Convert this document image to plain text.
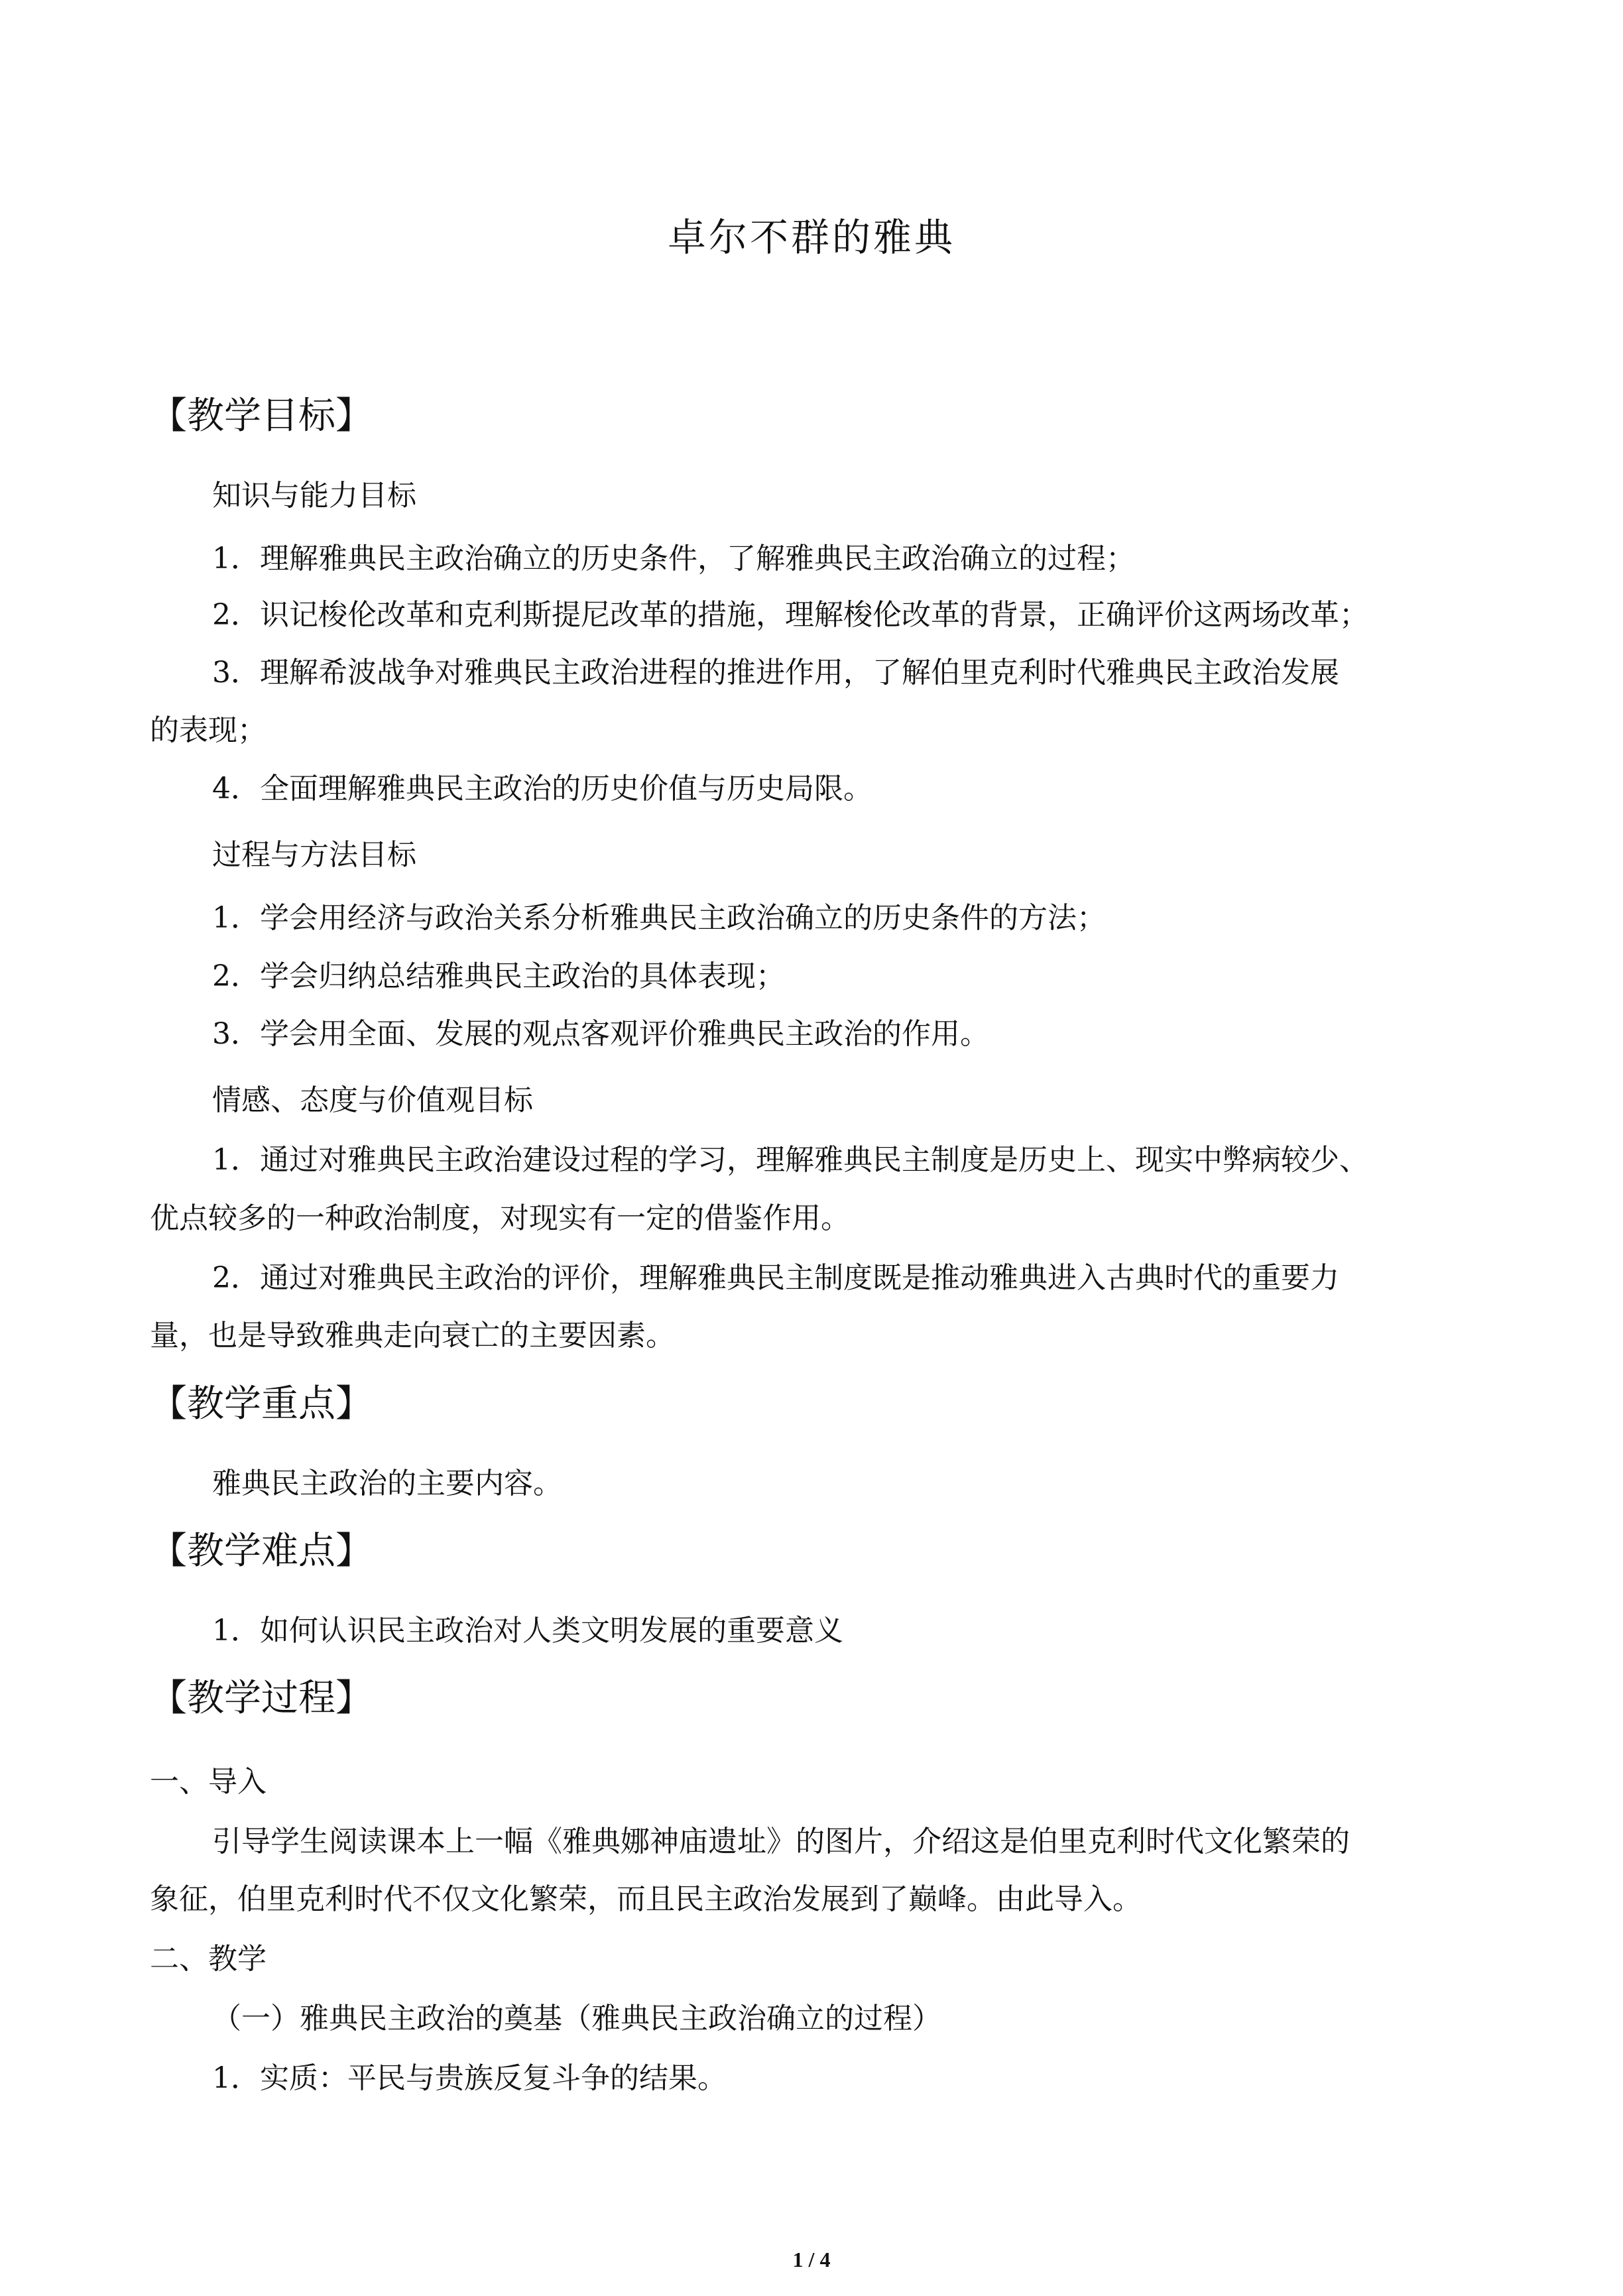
卓尔不群的雅典
【教学目标】
知识与能力目标
1．理解雅典民主政治确立的历史条件，了解雅典民主政治确立的过程；
2．识记梭伦改革和克利斯提尼改革的措施，理解梭伦改革的背景，正确评价这两场改革；
3．理解希波战争对雅典民主政治进程的推进作用，了解伯里克利时代雅典民主政治发展
的表现；
4．全面理解雅典民主政治的历史价值与历史局限。
过程与方法目标
1．学会用经济与政治关系分析雅典民主政治确立的历史条件的方法；
2．学会归纳总结雅典民主政治的具体表现；
3．学会用全面、发展的观点客观评价雅典民主政治的作用。
情感、态度与价值观目标
1．通过对雅典民主政治建设过程的学习，理解雅典民主制度是历史上、现实中弊病较少、
优点较多的一种政治制度，对现实有一定的借鉴作用。
2．通过对雅典民主政治的评价，理解雅典民主制度既是推动雅典进入古典时代的重要力
量，也是导致雅典走向衰亡的主要因素。
【教学重点】
雅典民主政治的主要内容。
【教学难点】
1．如何认识民主政治对人类文明发展的重要意义
【教学过程】
一、导入
引导学生阅读课本上一幅《雅典娜神庙遗址》的图片，介绍这是伯里克利时代文化繁荣的
象征，伯里克利时代不仅文化繁荣，而且民主政治发展到了巅峰。由此导入。
二、教学
（一）雅典民主政治的奠基（雅典民主政治确立的过程）
1．实质：平民与贵族反复斗争的结果。
1 / 4
